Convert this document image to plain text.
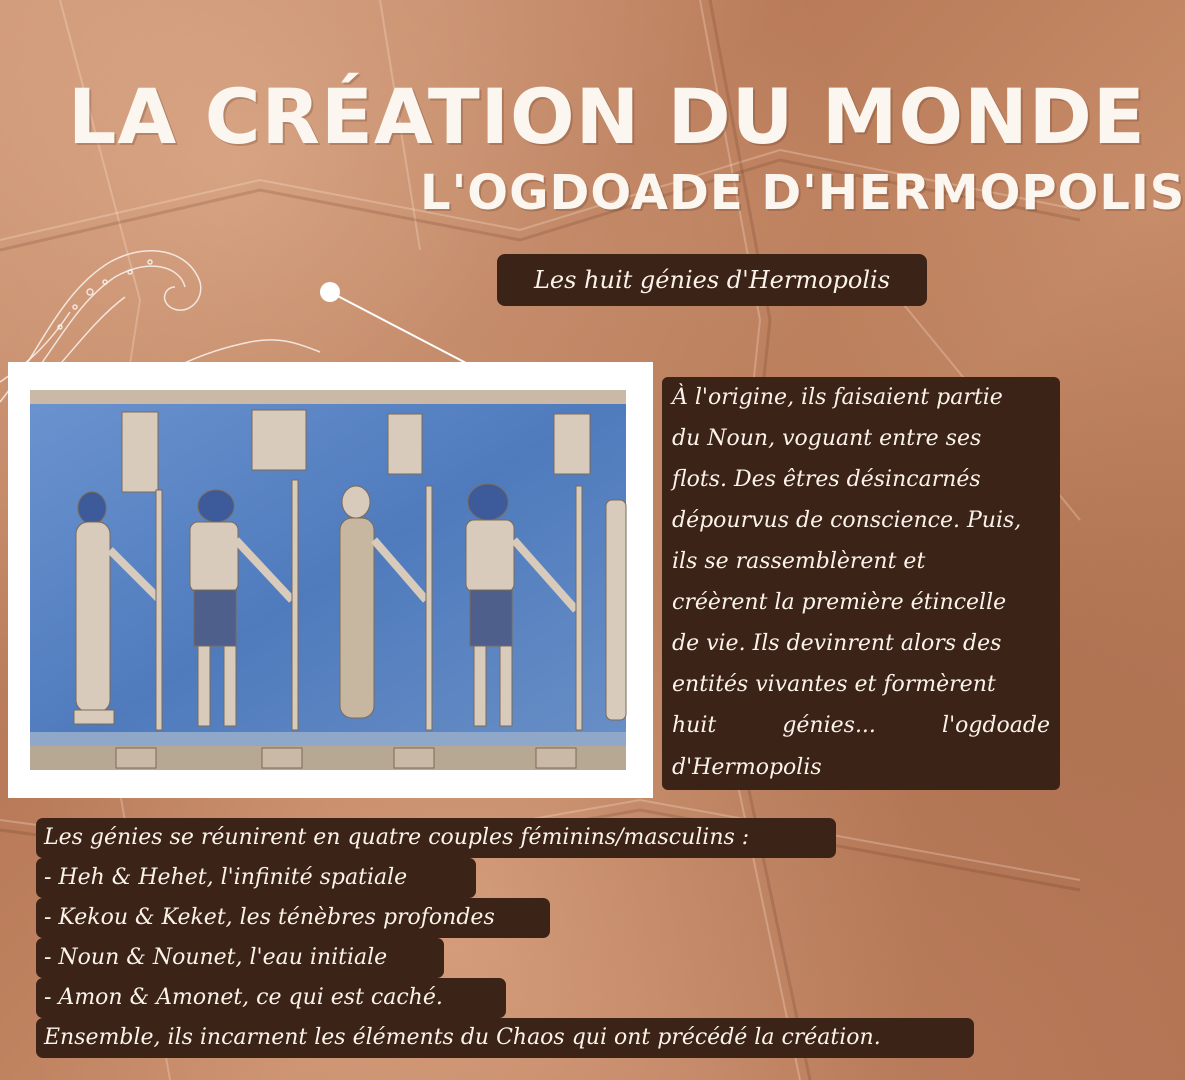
LA CRÉATION DU MONDE
L'OGDOADE D'HERMOPOLIS
Les huit génies d'Hermopolis
À l'origine, ils faisaient partie
du Noun, voguant entre ses
flots. Des êtres désincarnés
dépourvus de conscience. Puis,
ils se rassemblèrent et
créèrent la première étincelle
de vie. Ils devinrent alors des
entités vivantes et formèrent
huit génies... l'ogdoade
d'Hermopolis
Les génies se réunirent en quatre couples féminins/masculins :
- Heh & Hehet, l'infinité spatiale
- Kekou & Keket, les ténèbres profondes
- Noun & Nounet, l'eau initiale
- Amon & Amonet, ce qui est caché.
Ensemble, ils incarnent les éléments du Chaos qui ont précédé la création.
